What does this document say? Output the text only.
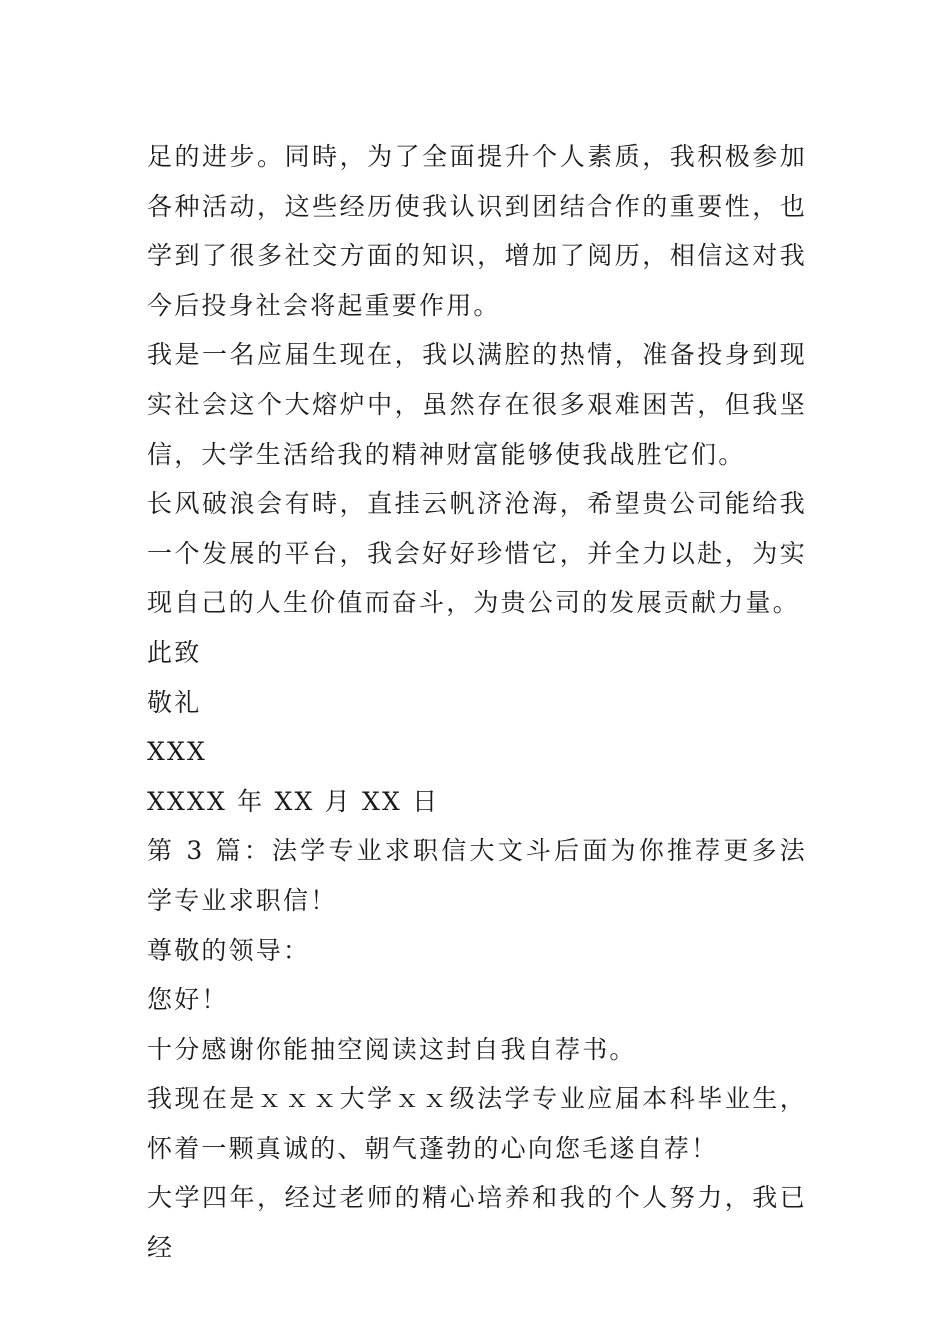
足的进步。同時，为了全面提升个人素质，我积极参加各种活动，这些经历使我认识到团结合作的重要性，也学到了很多社交方面的知识，增加了阅历，相信这对我今后投身社会将起重要作用。

我是一名应届生现在，我以满腔的热情，准备投身到现实社会这个大熔炉中，虽然存在很多艰难困苦，但我坚信，大学生活给我的精神财富能够使我战胜它们。

长风破浪会有時，直挂云帆济沧海，希望贵公司能给我一个发展的平台，我会好好珍惜它，并全力以赴，为实现自己的人生价值而奋斗，为贵公司的发展贡献力量。

此致

敬礼

XXX

XXXX 年 XX 月 XX 日

第 3 篇：法学专业求职信大文斗后面为你推荐更多法学专业求职信！

尊敬的领导：

您好！

十分感谢你能抽空阅读这封自我自荐书。

我现在是ｘｘｘ大学ｘｘ级法学专业应届本科毕业生，怀着一颗真诚的、朝气蓬勃的心向您毛遂自荐！

大学四年，经过老师的精心培养和我的个人努力，我已经
